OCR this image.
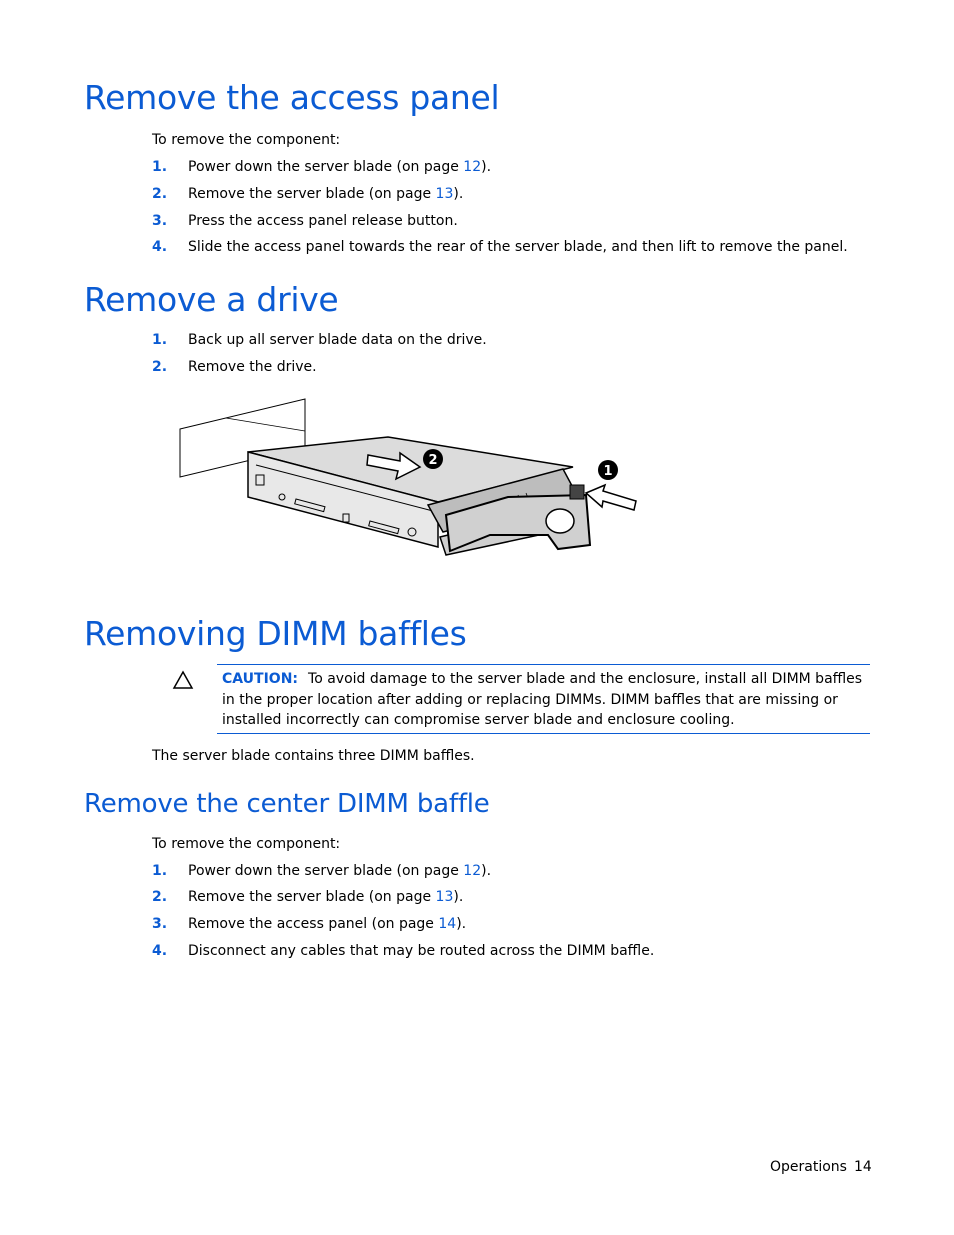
Remove the access panel
To remove the component:
1. Power down the server blade (on page 12).
2. Remove the server blade (on page 13).
3. Press the access panel release button.
4. Slide the access panel towards the rear of the server blade, and then lift to remove the panel.
Remove a drive
1. Back up all server blade data on the drive.
2. Remove the drive.
1
2
Removing DIMM baffles
CAUTION: To avoid damage to the server blade and the enclosure, install all DIMM baffles in the proper location after adding or replacing DIMMs. DIMM baffles that are missing or installed incorrectly can compromise server blade and enclosure cooling.
The server blade contains three DIMM baffles.
Remove the center DIMM baffle
To remove the component:
1. Power down the server blade (on page 12).
2. Remove the server blade (on page 13).
3. Remove the access panel (on page 14).
4. Disconnect any cables that may be routed across the DIMM baffle.
Operations 14
